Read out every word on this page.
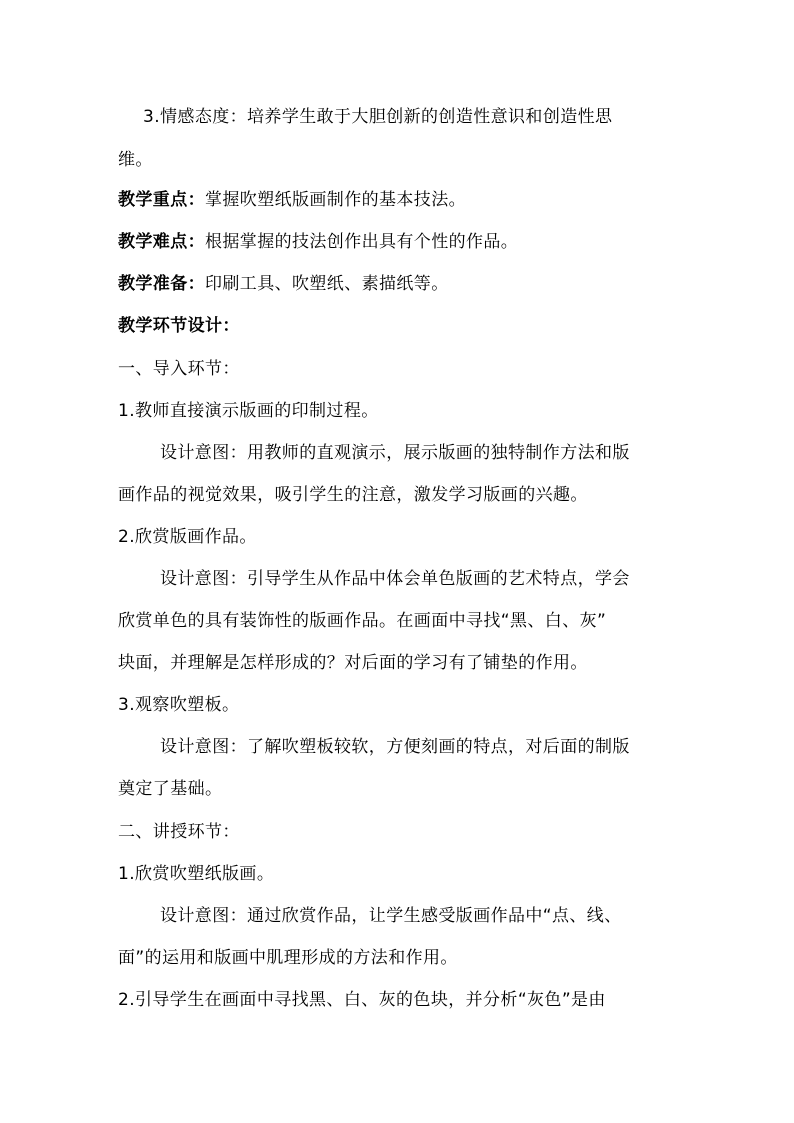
3.情感态度：培养学生敢于大胆创新的创造性意识和创造性思
维。
教学重点：掌握吹塑纸版画制作的基本技法。
教学难点：根据掌握的技法创作出具有个性的作品。
教学准备：印刷工具、吹塑纸、素描纸等。
教学环节设计：
一、导入环节：
1.教师直接演示版画的印制过程。
设计意图：用教师的直观演示，展示版画的独特制作方法和版
画作品的视觉效果，吸引学生的注意，激发学习版画的兴趣。
2.欣赏版画作品。
设计意图：引导学生从作品中体会单色版画的艺术特点，学会
欣赏单色的具有装饰性的版画作品。在画面中寻找“黑、白、灰”
块面，并理解是怎样形成的？对后面的学习有了铺垫的作用。
3.观察吹塑板。
设计意图：了解吹塑板较软，方便刻画的特点，对后面的制版
奠定了基础。
二、讲授环节：
1.欣赏吹塑纸版画。
设计意图：通过欣赏作品，让学生感受版画作品中“点、线、
面”的运用和版画中肌理形成的方法和作用。
2.引导学生在画面中寻找黑、白、灰的色块，并分析“灰色”是由
